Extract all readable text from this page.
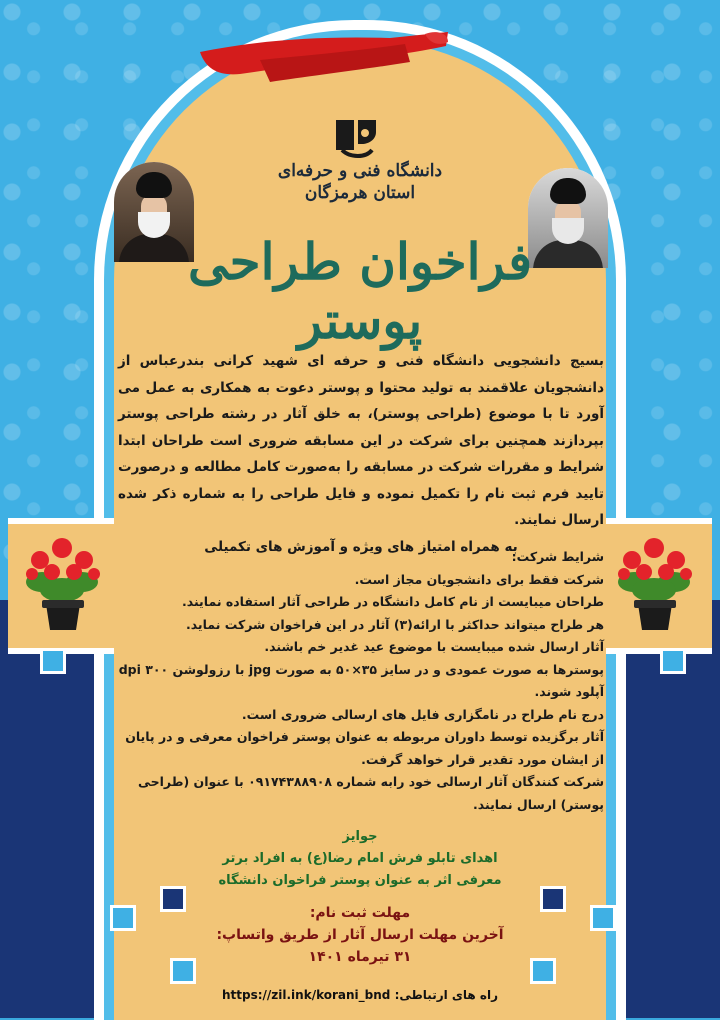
دانشگاه فنی و حرفه‌ای
استان هرمزگان
فراخوان طراحی پوستر

بسیج دانشجویی دانشگاه فنی و حرفه ای شهید کرانی بندرعباس از دانشجویان علاقمند به تولید محتوا و پوستر دعوت به همکاری به عمل می آورد تا با موضوع (طراحی پوستر)، به خلق آثار در رشته طراحی پوستر بپردازند همچنین برای شرکت در این مسابقه ضروری است طراحان ابتدا شرایط و مقررات شرکت در مسابقه را به‌صورت کامل مطالعه و درصورت تایید فرم ثبت نام را تکمیل نموده و فایل طراحی را به شماره ذکر شده ارسال نمایند.

به همراه امتیاز های ویژه و آموزش های تکمیلی

شرایط شرکت:
شرکت فقط برای دانشجویان مجاز است.
طراحان میبایست از نام کامل دانشگاه در طراحی آثار استفاده نمایند.
هر طراح میتواند حداکثر با ارائه(۳) آثار در این فراخوان شرکت نماید.
آثار ارسال شده میبایست با موضوع عید غدیر خم باشند.
پوسترها به صورت عمودی و در سایز ۳۵×۵۰ به صورت jpg با رزولوشن ۳۰۰ dpi آپلود شوند.
درج نام طراح در نامگزاری فایل های ارسالی ضروری است.
آثار برگزیده توسط داوران مربوطه به عنوان پوستر فراخوان معرفی و در پایان از ایشان مورد تقدیر قرار خواهد گرفت.
شرکت کنندگان آثار ارسالی خود رابه شماره ۰۹۱۷۴۳۸۸۹۰۸ با عنوان (طراحی پوستر) ارسال نمایند.
جوایز
اهدای تابلو فرش امام رضا(ع) به افراد برتر
معرفی اثر به عنوان پوستر فراخوان دانشگاه
مهلت ثبت نام:
آخرین مهلت ارسال آثار از طریق واتساپ:
۳۱ تیرماه ۱۴۰۱
راه های ارتباطی: https://zil.ink/korani_bnd
